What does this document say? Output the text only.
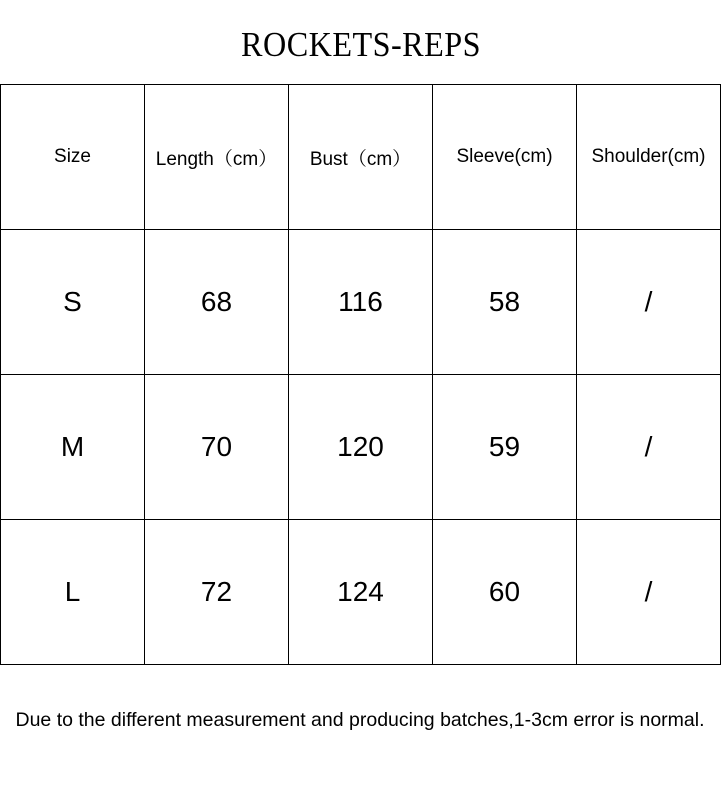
ROCKETS-REPS
Size	Length（cm）	Bust（cm）	Sleeve(cm)	Shoulder(cm)
S	68	116	58	/
M	70	120	59	/
L	72	124	60	/
Due to the different measurement and producing batches,1-3cm error is normal.
